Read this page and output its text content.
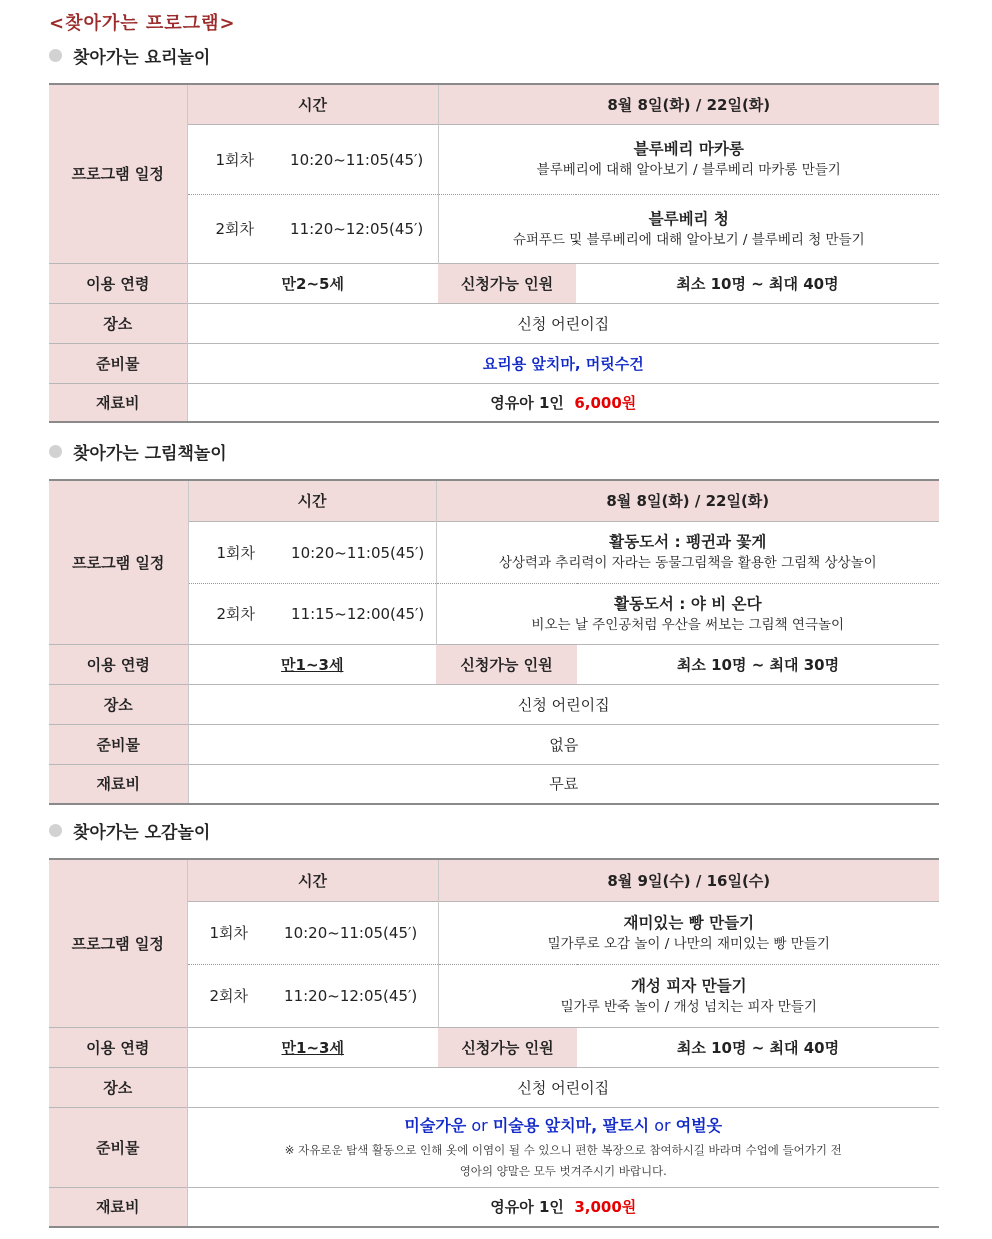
<찾아가는 프로그램>
찾아가는 요리놀이
프로그램 일정	시간	8월 8일(화) / 22일(화)	
	1회차 10:20~11:05(45′)	블루베리 마카롱
블루베리에 대해 알아보기 / 블루베리 마카롱 만들기	

	2회차 11:20~12:05(45′)	블루베리 청
슈퍼푸드 및 블루베리에 대해 알아보기 / 블루베리 청 만들기	

이용 연령	만2~5세	신청가능 인원	최소 10명 ~ 최대 40명
장소	신청 어린이집		
준비물	요리용 앞치마, 머릿수건		
재료비	영유아 1인 6,000원		
찾아가는 그림책놀이
프로그램 일정	시간	8월 8일(화) / 22일(화)	
	1회차 10:20~11:05(45′)	활동도서 : 펭귄과 꽃게
상상력과 추리력이 자라는 동물그림책을 활용한 그림책 상상놀이	

	2회차 11:15~12:00(45′)	활동도서 : 야 비 온다
비오는 날 주인공처럼 우산을 써보는 그림책 연극놀이	

이용 연령	만1~3세	신청가능 인원	최소 10명 ~ 최대 30명
장소	신청 어린이집		
준비물	없음		
재료비	무료		
찾아가는 오감놀이
프로그램 일정	시간	8월 9일(수) / 16일(수)	
	1회차 10:20~11:05(45′)	재미있는 빵 만들기
밀가루로 오감 놀이 / 나만의 재미있는 빵 만들기	

	2회차 11:20~12:05(45′)	개성 피자 만들기
밀가루 반죽 놀이 / 개성 넘치는 피자 만들기	

이용 연령	만1~3세	신청가능 인원	최소 10명 ~ 최대 40명
장소	신청 어린이집		
준비물	미술가운 or 미술용 앞치마, 팔토시 or 여벌옷
※ 자유로운 탐색 활동으로 인해 옷에 이염이 될 수 있으니 편한 복장으로 참여하시길 바라며 수업에 들어가기 전
영아의 양말은 모두 벗겨주시기 바랍니다.		

재료비	영유아 1인 3,000원		
